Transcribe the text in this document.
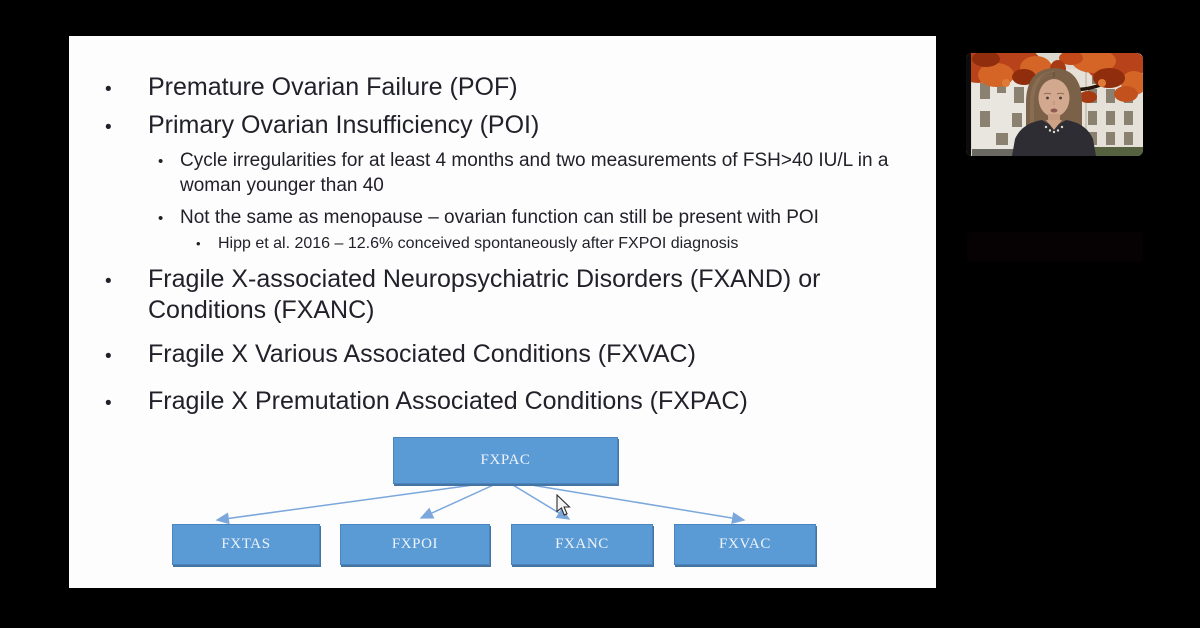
•
Premature Ovarian Failure (POF)
•
Primary Ovarian Insufficiency (POI)
•
Cycle irregularities for at least 4 months and two measurements of FSH>40 IU/L in a woman younger than 40
•
Not the same as menopause – ovarian function can still be present with POI
•
Hipp et al. 2016 – 12.6% conceived spontaneously after FXPOI diagnosis
•
Fragile X-associated Neuropsychiatric Disorders (FXAND) or Conditions (FXANC)
•
Fragile X Various Associated Conditions (FXVAC)
•
Fragile X Premutation Associated Conditions (FXPAC)
FXPAC
FXTAS	FXPOI	FXANC	FXVAC
